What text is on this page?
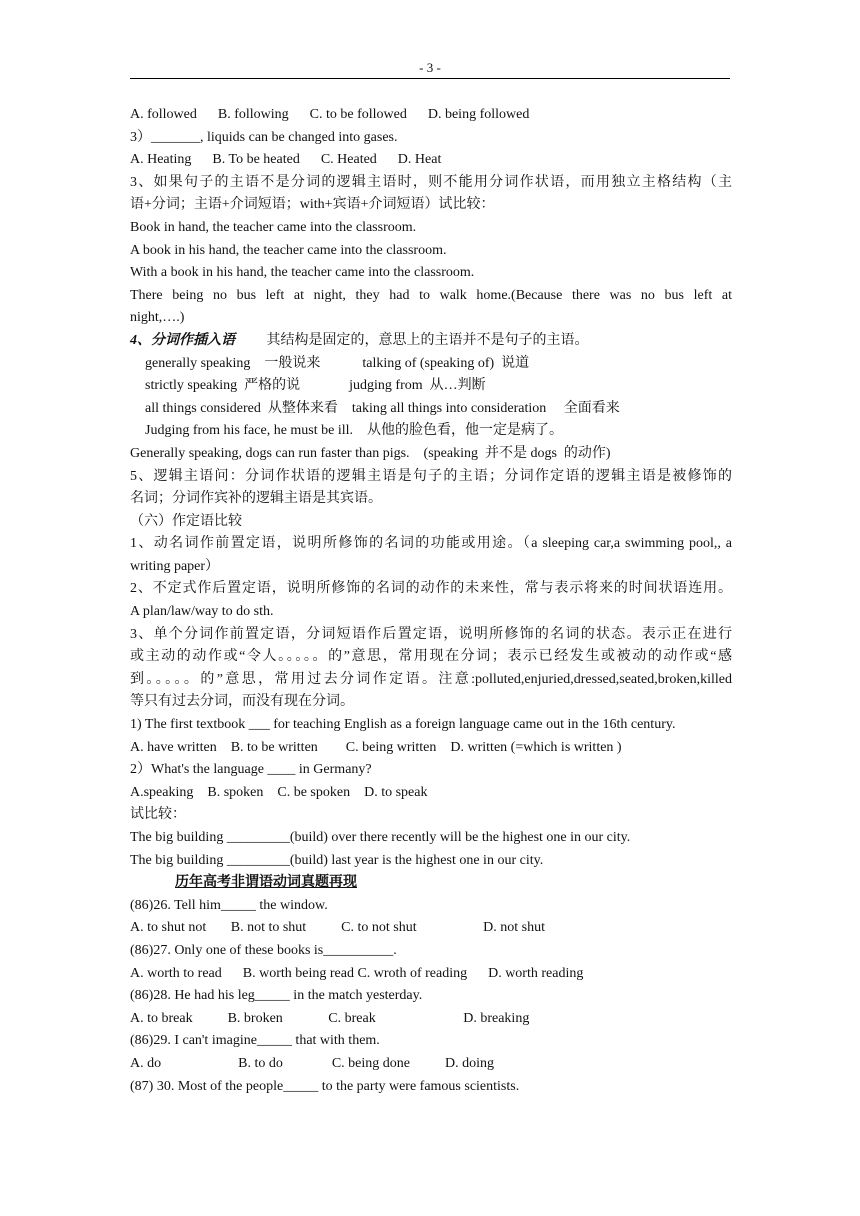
- 3 -
A. followed      B. following      C. to be followed      D. being followed
3）_______, liquids can be changed into gases.
A. Heating      B. To be heated      C. Heated      D. Heat
3、如果句子的主语不是分词的逻辑主语时，则不能用分词作状语，而用独立主格结构（主
语+分词；主语+介词短语；with+宾语+介词短语）试比较：
Book in hand, the teacher came into the classroom.
A book in his hand, the teacher came into the classroom.
With a book in his hand, the teacher came into the classroom.
There being no bus left at night, they had to walk home.(Because there was no bus left at
night,….)
4、分词作插入语         其结构是固定的，意思上的主语并不是句子的主语。
generally speaking    一般说来            talking of (speaking of)  说道
strictly speaking  严格的说              judging from  从…判断
all things considered  从整体来看    taking all things into consideration     全面看来
Judging from his face, he must be ill.    从他的脸色看，他一定是病了。
Generally speaking, dogs can run faster than pigs.    (speaking  并不是 dogs  的动作)
5、逻辑主语问：分词作状语的逻辑主语是句子的主语；分词作定语的逻辑主语是被修饰的
名词；分词作宾补的逻辑主语是其宾语。
（六）作定语比较
1、动名词作前置定语，说明所修饰的名词的功能或用途。（a sleeping car,a swimming pool,, a
writing paper）
2、不定式作后置定语，说明所修饰的名词的动作的未来性，常与表示将来的时间状语连用。
A plan/law/way to do sth.
3、单个分词作前置定语，分词短语作后置定语，说明所修饰的名词的状态。表示正在进行
或主动的动作或“令人。。。。。的”意思，常用现在分词；表示已经发生或被动的动作或“感
到。。。。。的”意思，常用过去分词作定语。注意:polluted,enjuried,dressed,seated,broken,killed
等只有过去分词，而没有现在分词。
1) The first textbook ___ for teaching English as a foreign language came out in the 16th century.
A. have written    B. to be written        C. being written    D. written (=which is written )
2）What's the language ____ in Germany?
A.speaking    B. spoken    C. be spoken    D. to speak
试比较：
The big building _________(build) over there recently will be the highest one in our city.
The big building _________(build) last year is the highest one in our city.
历年高考非谓语动词真题再现
(86)26. Tell him_____ the window.
A. to shut not       B. not to shut          C. to not shut                   D. not shut
(86)27. Only one of these books is__________.
A. worth to read      B. worth being read C. wroth of reading      D. worth reading
(86)28. He had his leg_____ in the match yesterday.
A. to break          B. broken             C. break                         D. breaking
(86)29. I can't imagine_____ that with them.
A. do                      B. to do              C. being done          D. doing
(87) 30. Most of the people_____ to the party were famous scientists.
